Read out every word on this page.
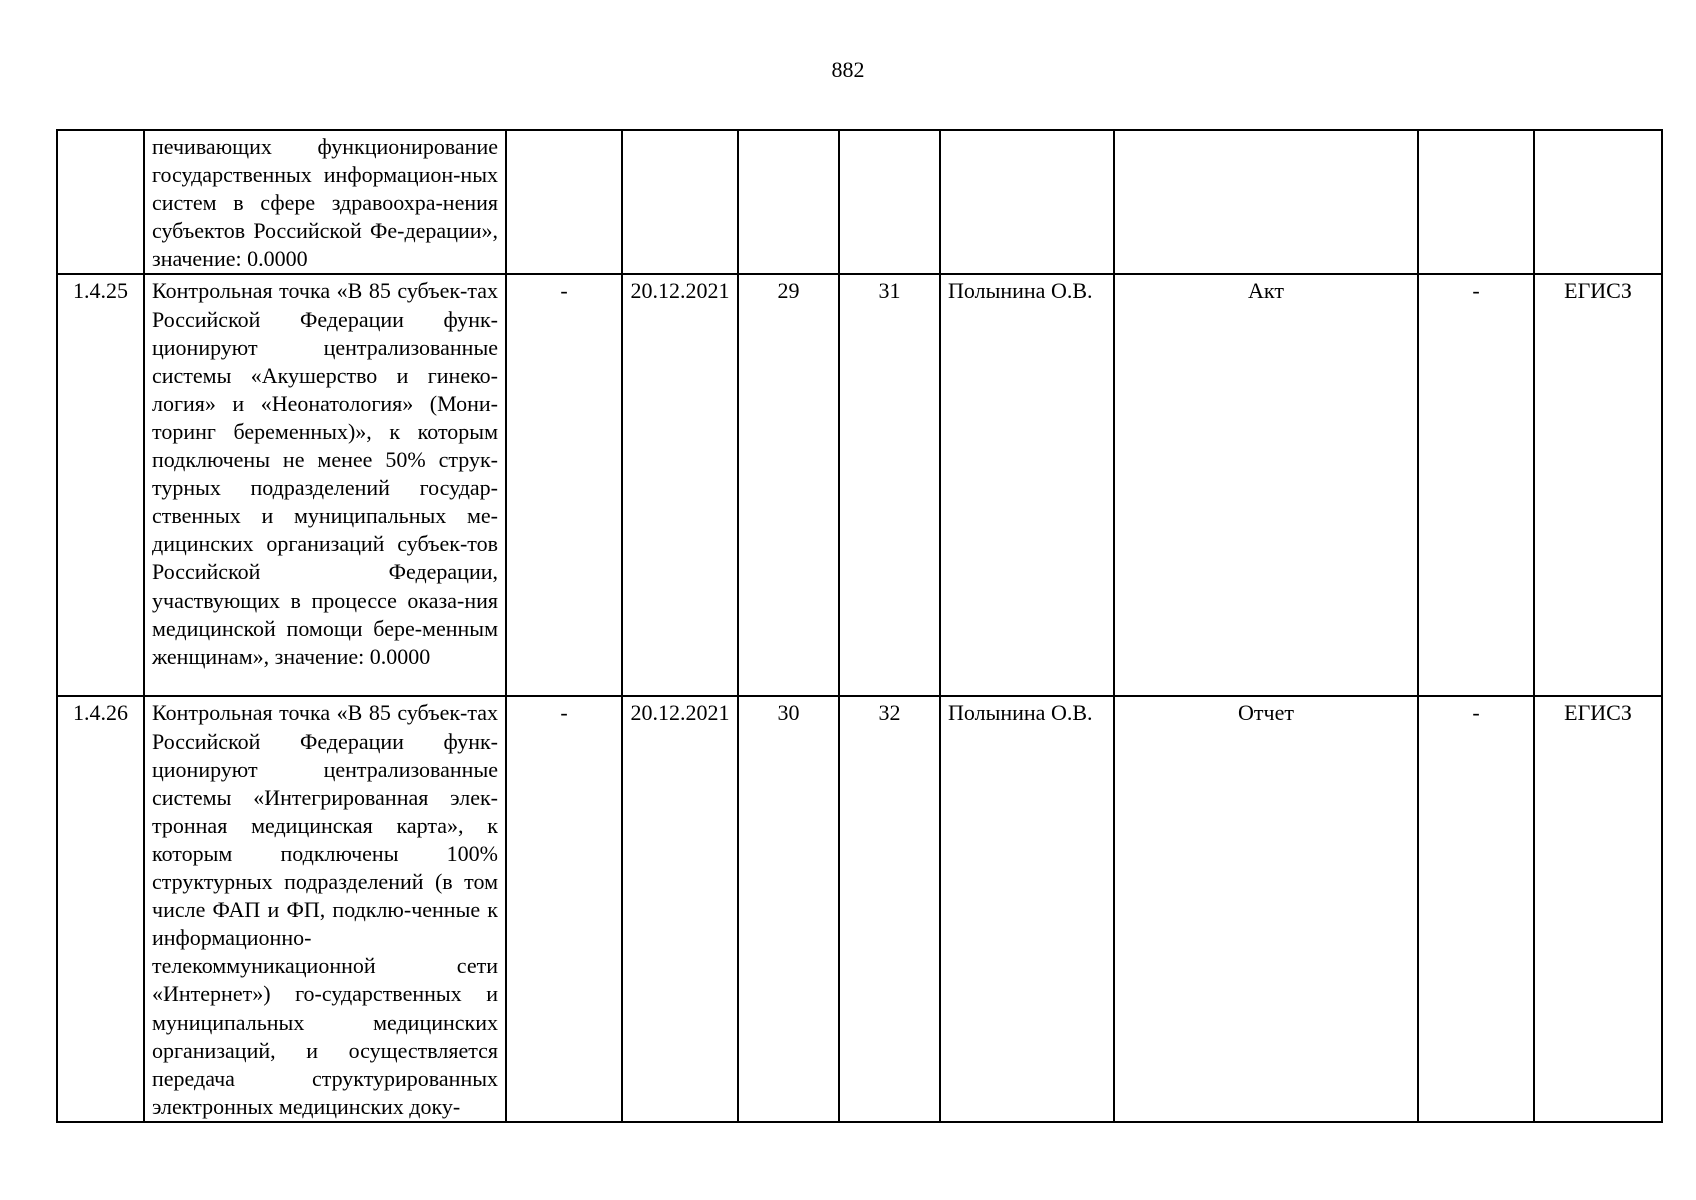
882

	печивающих функционирование государственных информацион-ных систем в сфере здравоохра-нения субъектов Российской Фе-дерации», значение: 0.0000								

1.4.25	Контрольная точка «В 85 субъек-тах Российской Федерации функ-ционируют централизованные системы «Акушерство и гинеко-логия» и «Неонатология» (Мони-торинг беременных)», к которым подключены не менее 50% струк-турных подразделений государ-ственных и муниципальных ме-дицинских организаций субъек-тов Российской Федерации, участвующих в процессе оказа-ния медицинской помощи бере-менным женщинам», значение: 0.0000	-	20.12.2021	29	31	Полынина О.В.	Акт	-	ЕГИСЗ
1.4.26	Контрольная точка «В 85 субъек-тах Российской Федерации функ-ционируют централизованные системы «Интегрированная элек-тронная медицинская карта», к которым подключены 100% структурных подразделений (в том числе ФАП и ФП, подклю-ченные к информационно-телекоммуникационной сети «Интернет») го-сударственных и муниципальных медицинских организаций, и осуществляется передача структурированных электронных медицинских доку-	-	20.12.2021	30	32	Полынина О.В.	Отчет	-	ЕГИСЗ
